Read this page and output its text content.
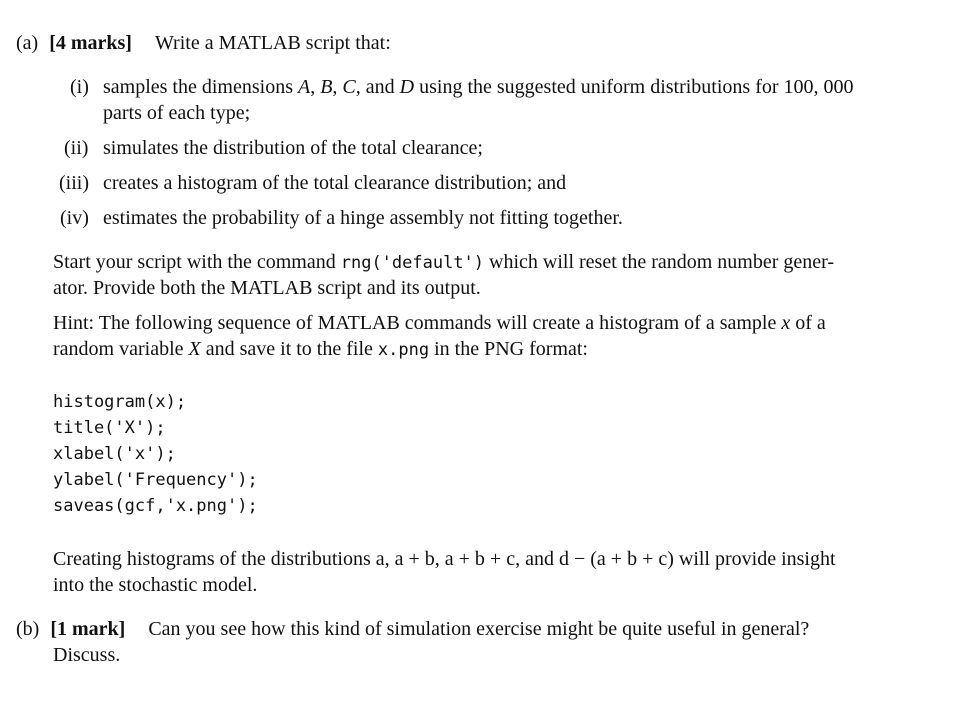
(a) [4 marks] Write a MATLAB script that:
(i) samples the dimensions A, B, C, and D using the suggested uniform distributions for 100, 000
parts of each type;
(ii) simulates the distribution of the total clearance;
(iii) creates a histogram of the total clearance distribution; and
(iv) estimates the probability of a hinge assembly not fitting together.
Start your script with the command rng('default') which will reset the random number gener-
ator. Provide both the MATLAB script and its output.
Hint: The following sequence of MATLAB commands will create a histogram of a sample x of a
random variable X and save it to the file x.png in the PNG format:
histogram(x);
title('X');
xlabel('x');
ylabel('Frequency');
saveas(gcf,'x.png');
Creating histograms of the distributions a, a + b, a + b + c, and d − (a + b + c) will provide insight
into the stochastic model.
(b) [1 mark] Can you see how this kind of simulation exercise might be quite useful in general?
Discuss.
